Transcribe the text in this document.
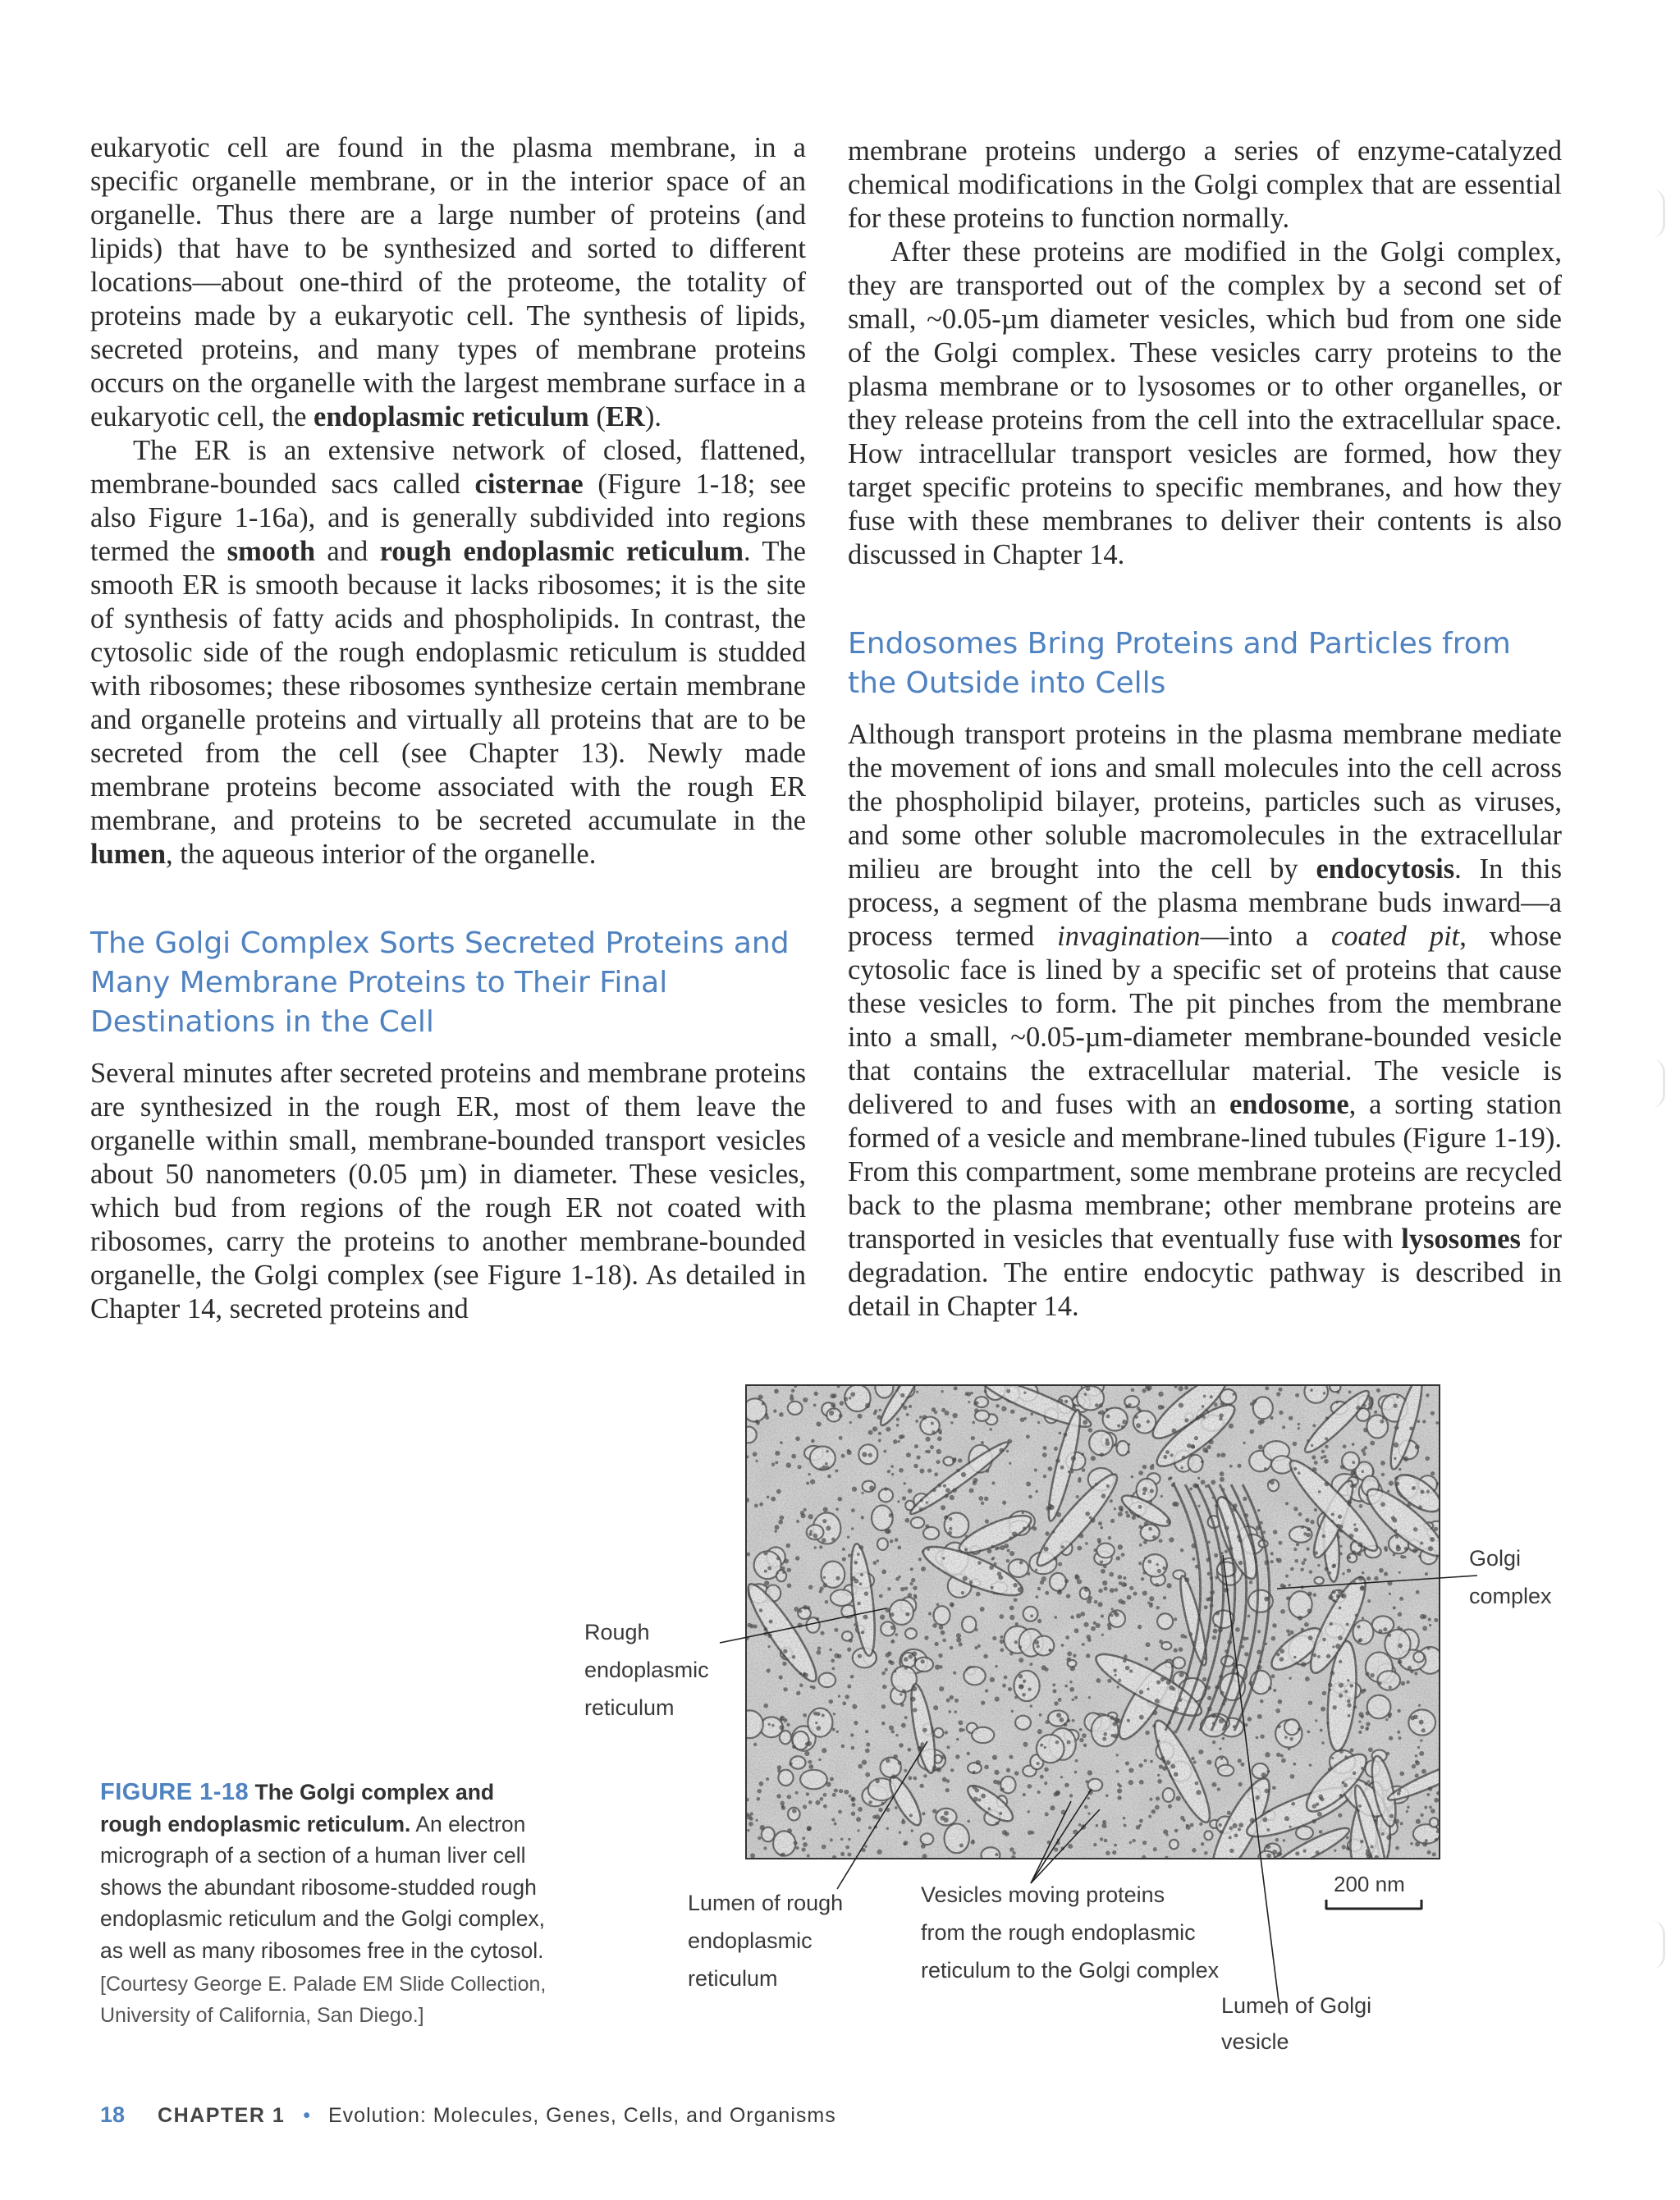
eukaryotic cell are found in the plasma membrane, in a specific organelle membrane, or in the interior space of an organelle. Thus there are a large number of proteins (and lipids) that have to be synthesized and sorted to different locations—about one-third of the proteome, the totality of proteins made by a eukaryotic cell. The synthesis of lipids, secreted proteins, and many types of membrane proteins occurs on the organelle with the largest membrane surface in a eukaryotic cell, the endoplasmic reticulum (ER).

The ER is an extensive network of closed, flattened, membrane-bounded sacs called cisternae (Figure 1-18; see also Figure 1-16a), and is generally subdivided into regions termed the smooth and rough endoplasmic reticulum. The smooth ER is smooth because it lacks ribosomes; it is the site of synthesis of fatty acids and phospholipids. In contrast, the cytosolic side of the rough endoplasmic reticulum is studded with ribosomes; these ribosomes synthesize certain membrane and organelle proteins and virtually all proteins that are to be secreted from the cell (see Chapter 13). Newly made membrane proteins become associated with the rough ER membrane, and proteins to be secreted accumulate in the lumen, the aqueous interior of the organelle.

The Golgi Complex Sorts Secreted Proteins and Many Membrane Proteins to Their Final Destinations in the Cell

Several minutes after secreted proteins and membrane proteins are synthesized in the rough ER, most of them leave the organelle within small, membrane-bounded transport vesicles about 50 nanometers (0.05 µm) in diameter. These vesicles, which bud from regions of the rough ER not coated with ribosomes, carry the proteins to another membrane-bounded organelle, the Golgi complex (see Figure 1-18). As detailed in Chapter 14, secreted proteins and

membrane proteins undergo a series of enzyme-catalyzed chemical modifications in the Golgi complex that are essential for these proteins to function normally.

After these proteins are modified in the Golgi complex, they are transported out of the complex by a second set of small, ~0.05-µm diameter vesicles, which bud from one side of the Golgi complex. These vesicles carry proteins to the plasma membrane or to lysosomes or to other organelles, or they release proteins from the cell into the extracellular space. How intracellular transport vesicles are formed, how they target specific proteins to specific membranes, and how they fuse with these membranes to deliver their contents is also discussed in Chapter 14.

Endosomes Bring Proteins and Particles from the Outside into Cells

Although transport proteins in the plasma membrane mediate the movement of ions and small molecules into the cell across the phospholipid bilayer, proteins, particles such as viruses, and some other soluble macromolecules in the extracellular milieu are brought into the cell by endocytosis. In this process, a segment of the plasma membrane buds inward—a process termed invagination—into a coated pit, whose cytosolic face is lined by a specific set of proteins that cause these vesicles to form. The pit pinches from the membrane into a small, ~0.05-µm-diameter membrane-bounded vesicle that contains the extracellular material. The vesicle is delivered to and fuses with an endosome, a sorting station formed of a vesicle and membrane-lined tubules (Figure 1-19). From this compartment, some membrane proteins are recycled back to the plasma membrane; other membrane proteins are transported in vesicles that eventually fuse with lysosomes for degradation. The entire endocytic pathway is described in detail in Chapter 14.

Golgi
complex
Rough
endoplasmic
reticulum
Lumen of rough
endoplasmic
reticulum
Vesicles moving proteins
from the rough endoplasmic
reticulum to the Golgi complex
Lumen of Golgi
vesicle
200 nm
FIGURE 1-18 The Golgi complex and rough endoplasmic reticulum. An electron micrograph of a section of a human liver cell shows the abundant ribosome-studded rough endoplasmic reticulum and the Golgi complex, as well as many ribosomes free in the cytosol.
[Courtesy George E. Palade EM Slide Collection, University of California, San Diego.]
18 CHAPTER 1 • Evolution: Molecules, Genes, Cells, and Organisms
